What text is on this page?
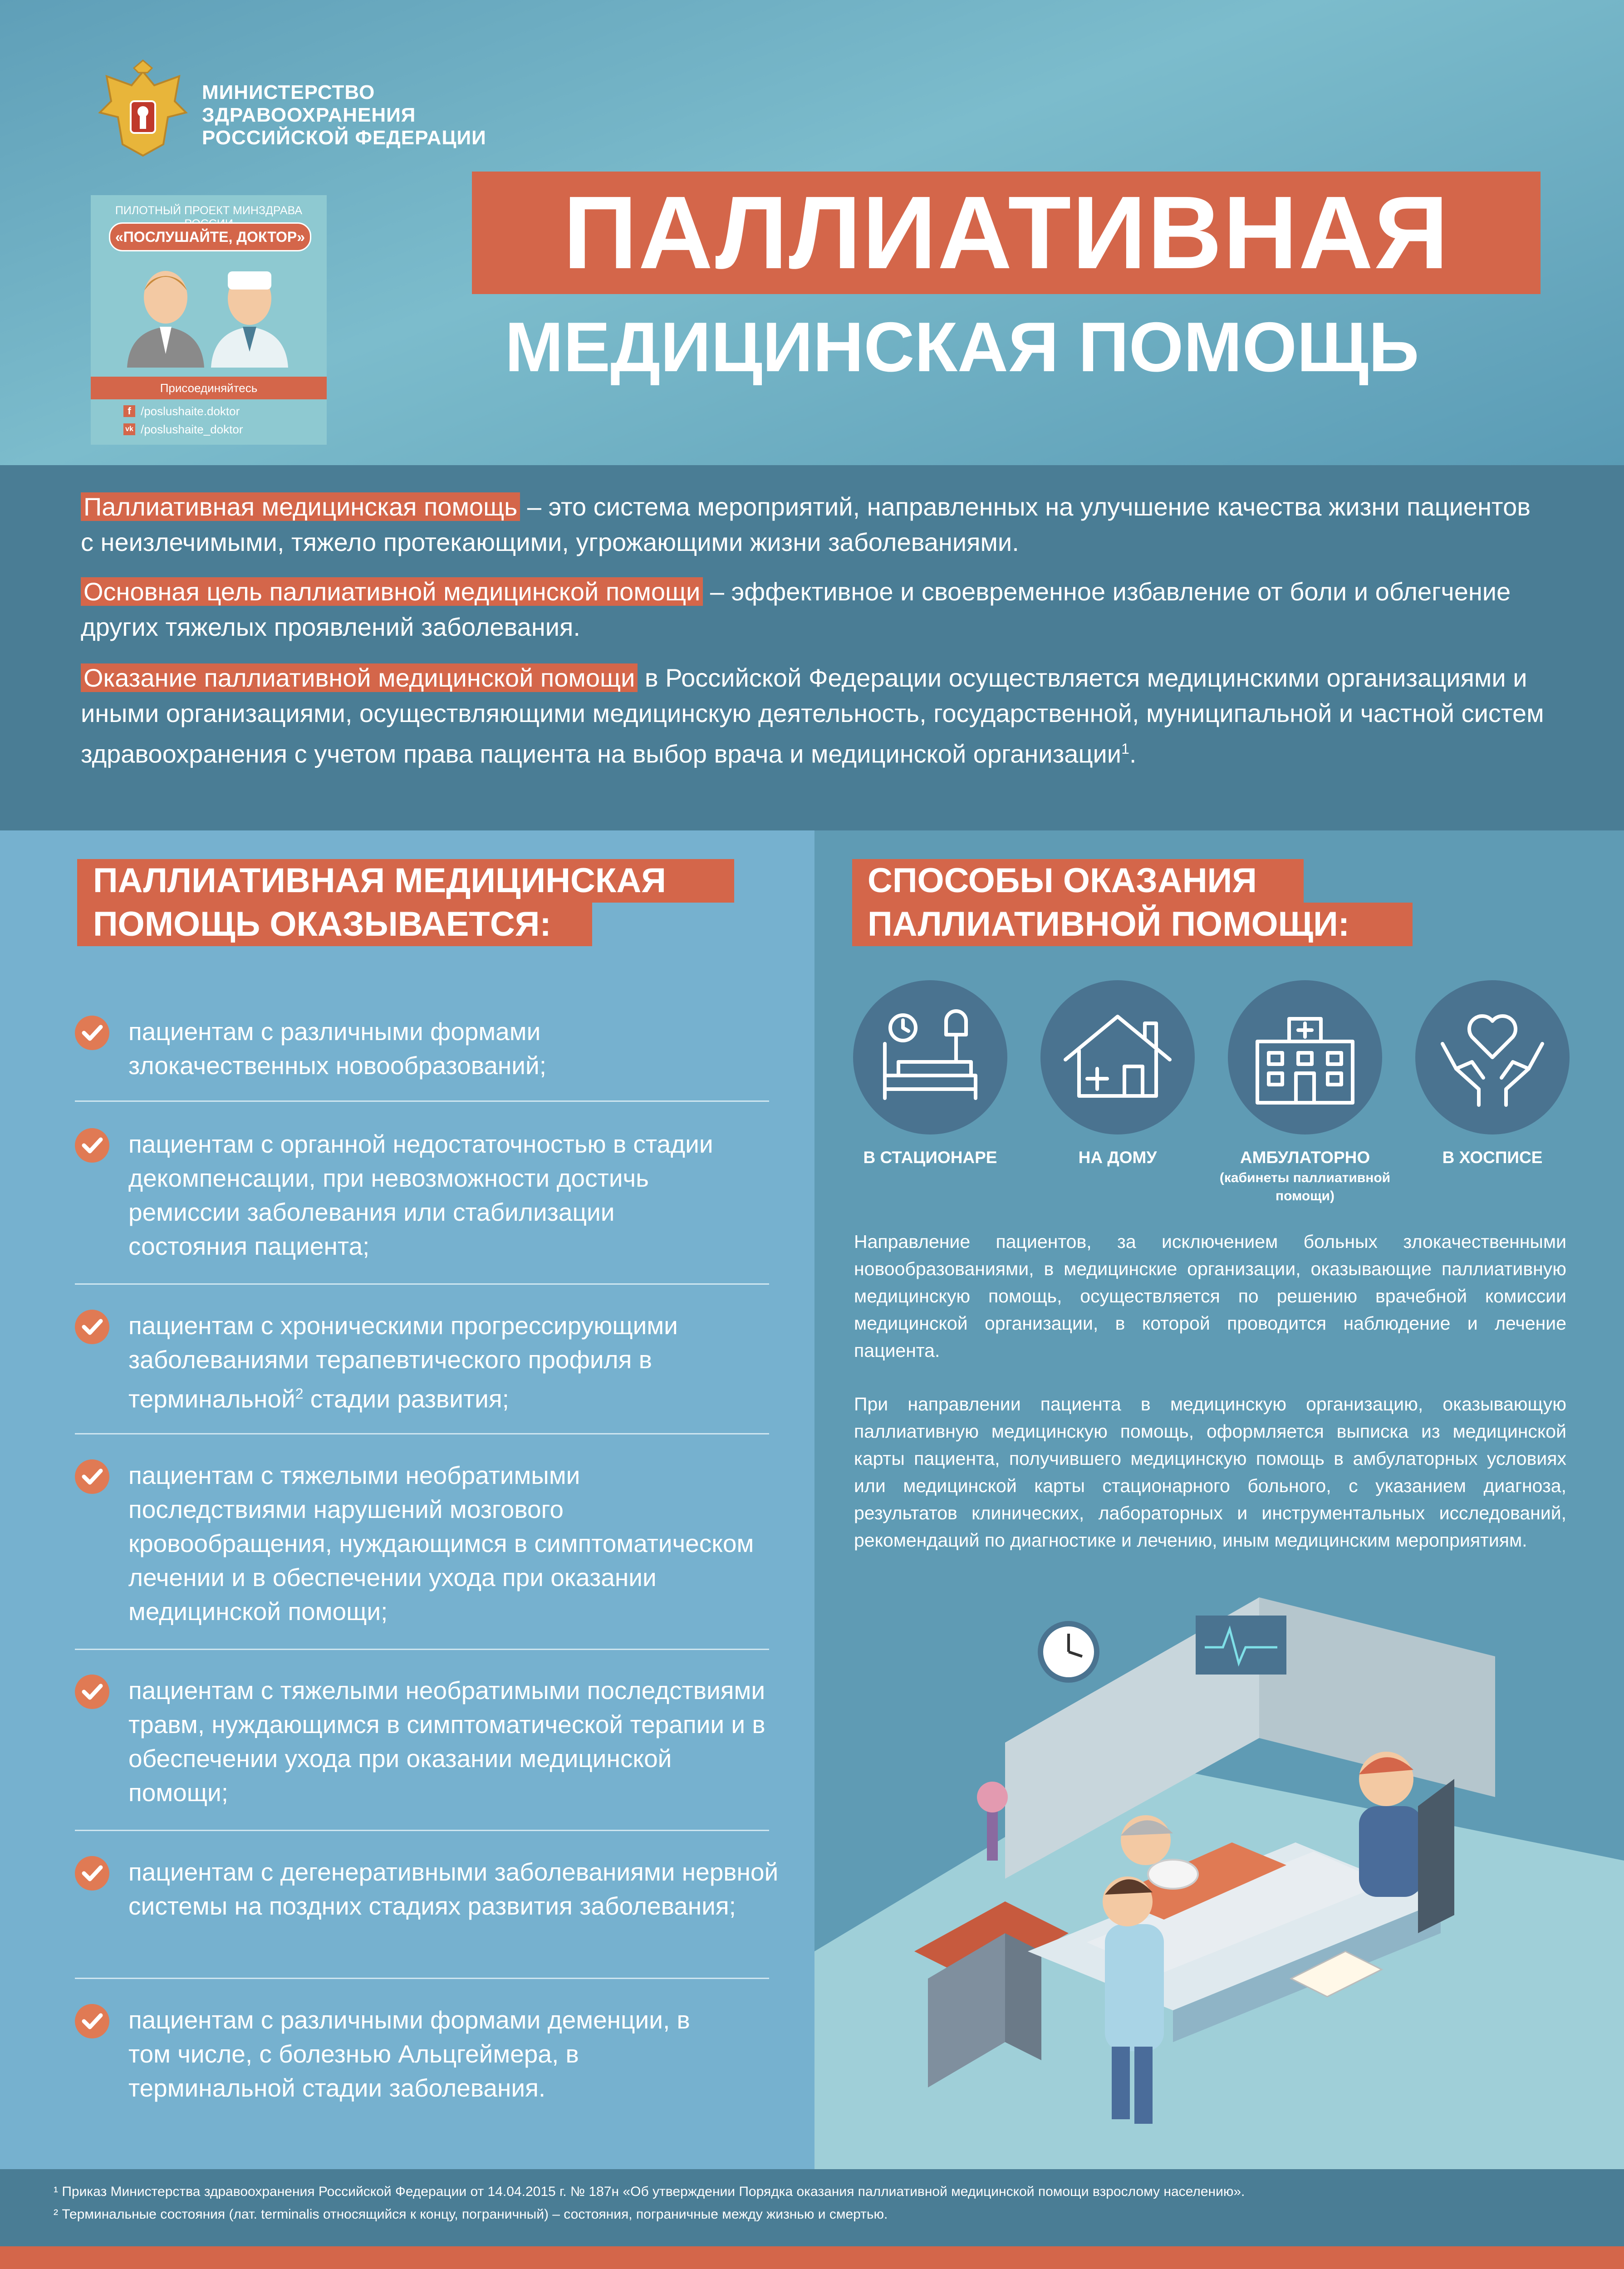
МИНИСТЕРСТВО
ЗДРАВООХРАНЕНИЯ
РОССИЙСКОЙ ФЕДЕРАЦИИ
ПИЛОТНЫЙ ПРОЕКТ МИНЗДРАВА
«ПОСЛУШАЙТЕ, ДОКТОР»
Присоединяйтесь
f /poslushaite.doktor
vk /poslushaite_doktor
ПАЛЛИАТИВНАЯ
МЕДИЦИНСКАЯ ПОМОЩЬ
Паллиативная медицинская помощь – это система мероприятий, направленных на улучшение качества жизни пациентов с неизлечимыми, тяжело протекающими, угрожающими жизни заболеваниями.
Основная цель паллиативной медицинской помощи – эффективное и своевременное избавление от боли и облегчение других тяжелых проявлений заболевания.
Оказание паллиативной медицинской помощи в Российской Федерации осуществляется медицинскими организациями и иными организациями, осуществляющими медицинскую деятельность, государственной, муниципальной и частной систем здравоохранения с учетом права пациента на выбор врача и медицинской организации$^1$.
ПАЛЛИАТИВНАЯ МЕДИЦИНСКАЯ
ПОМОЩЬ ОКАЗЫВАЕТСЯ:
пациентам с различными формами злокачественных новообразований;
пациентам с органной недостаточностью в стадии декомпенсации, при невозможности достичь ремиссии заболевания или стабилизации состояния пациента;
пациентам с хроническими прогрессирующими заболеваниями терапевтического профиля в терминальной$^2$ стадии развития;
пациентам с тяжелыми необратимыми последствиями нарушений мозгового кровообращения, нуждающимся в симптоматическом лечении и в обеспечении ухода при оказании медицинской помощи;
пациентам с тяжелыми необратимыми последствиями травм, нуждающимся в симптоматической терапии и в обеспечении ухода при оказании медицинской помощи;
пациентам с дегенеративными заболеваниями нервной системы на поздних стадиях развития заболевания;
пациентам с различными формами деменции, в том числе, с болезнью Альцгеймера, в терминальной стадии заболевания.
СПОСОБЫ ОКАЗАНИЯ
ПАЛЛИАТИВНОЙ ПОМОЩИ:
В СТАЦИОНАРЕ	НА ДОМУ	АМБУЛАТОРНО
(кабинеты паллиативной помощи)
В ХОСПИСЕ
Направление пациентов, за исключением больных злокачественными новообразованиями, в медицинские организации, оказывающие паллиативную медицинскую помощь, осуществляется по решению врачебной комиссии медицинской организации, в которой проводится наблюдение и лечение пациента.
При направлении пациента в медицинскую организацию, оказывающую паллиативную медицинскую помощь, оформляется выписка из медицинской карты пациента, получившего медицинскую помощь в амбулаторных условиях или медицинской карты стационарного больного, с указанием диагноза, результатов клинических, лабораторных и инструментальных исследований, рекомендаций по диагностике и лечению, иным медицинским мероприятиям.
¹ Приказ Министерства здравоохранения Российской Федерации от 14.04.2015 г. № 187н «Об утверждении Порядка оказания паллиативной медицинской помощи взрослому населению».
² Терминальные состояния (лат. terminalis относящийся к концу, пограничный) – состояния, пограничные между жизнью и смертью.
